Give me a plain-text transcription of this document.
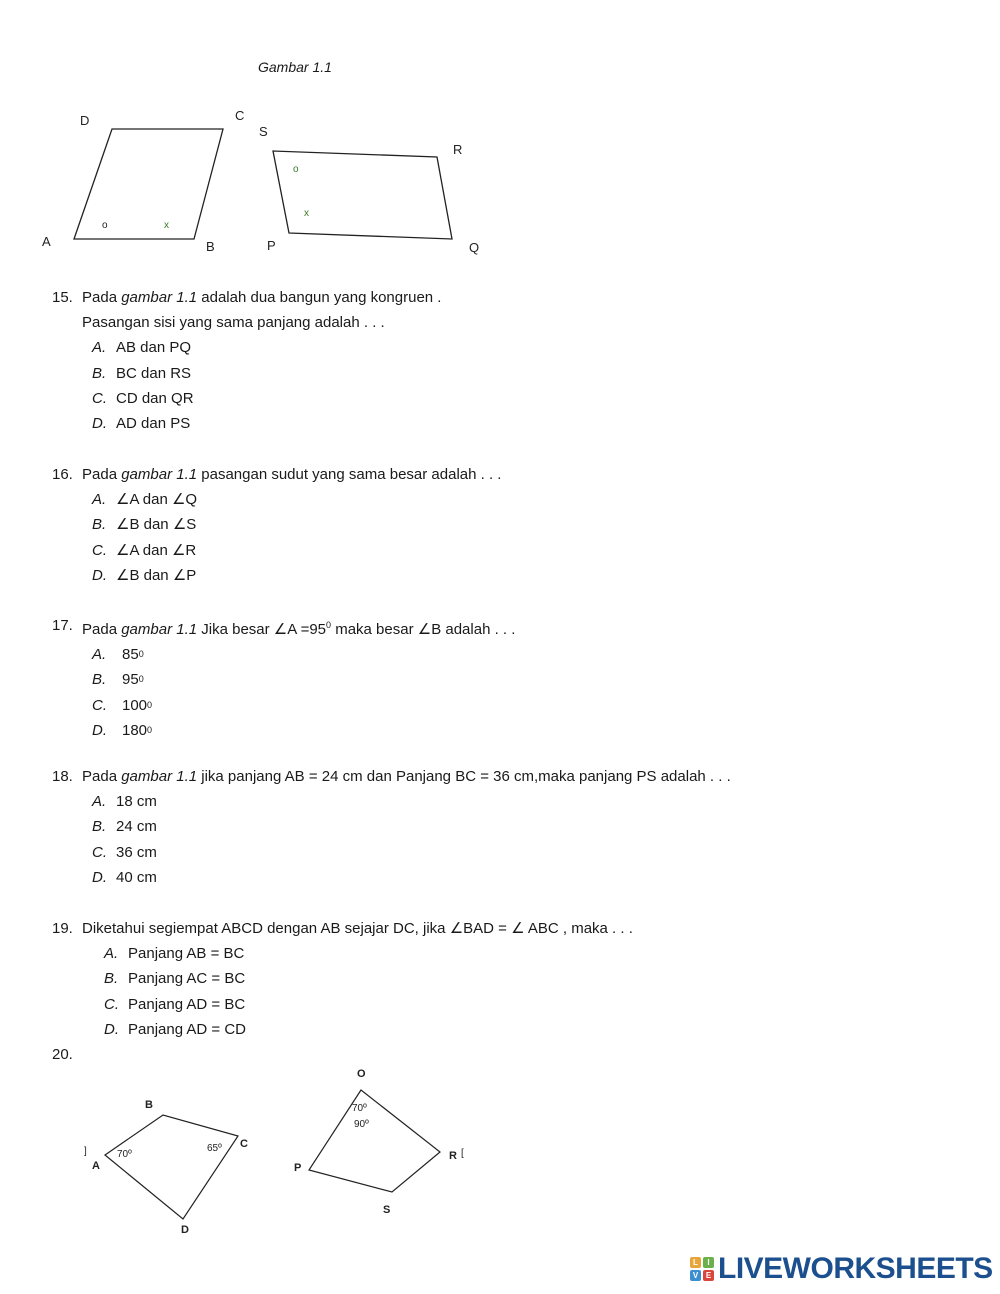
Gambar 1.1
A	B
C
D
o	x
P	Q
R
S
o
x
B
C
A
D
70º
65º
]
O
P
R
S
70º
90º
[
15. Pada gambar 1.1 adalah dua bangun yang kongruen .
Pasangan sisi yang sama panjang adalah . . .
A. AB dan PQ
B. BC dan RS
C. CD dan QR
D. AD dan PS
16. Pada gambar 1.1 pasangan sudut yang sama besar adalah . . .
A. ∠A dan ∠Q
B. ∠B dan ∠S
C. ∠A dan ∠R
D. ∠B dan ∠P
17. Pada gambar 1.1 Jika besar ∠A $=95^0$ maka besar ∠B adalah . . .
A.	85 0
B.	95 0
C.	100 0
D.	180 0
18. Pada gambar 1.1 jika panjang AB = 24 cm dan Panjang BC = 36 cm,maka panjang PS adalah . . .
A. 18 cm
B. 24 cm
C. 36 cm
D. 40 cm
19. Diketahui segiempat ABCD dengan AB sejajar DC, jika ∠BAD = ∠ ABC , maka . . .
A. Panjang AB = BC
B. Panjang AC = BC
C. Panjang AD = BC
D. Panjang AD = CD
20.
L	I
V E LIVEWORKSHEETS
